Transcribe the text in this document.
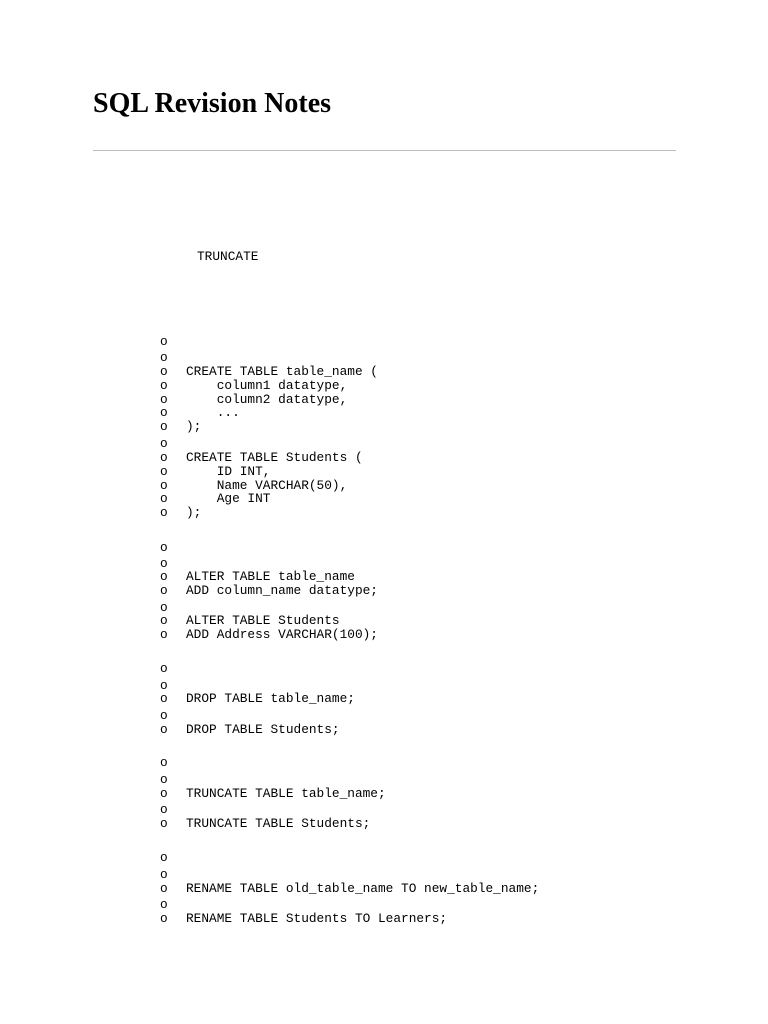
SQL Revision Notes
TRUNCATE
o
o
o CREATE TABLE table_name (
o column1 datatype,
o column2 datatype,
o ...
o );
o
o CREATE TABLE Students (
o ID INT,
o Name VARCHAR(50),
o Age INT
o );
o
o
o ALTER TABLE table_name
o ADD column_name datatype;
o
o ALTER TABLE Students
o ADD Address VARCHAR(100);
o
o
o DROP TABLE table_name;
o
o DROP TABLE Students;
o
o
o TRUNCATE TABLE table_name;
o
o TRUNCATE TABLE Students;
o
o
o RENAME TABLE old_table_name TO new_table_name;
o
o RENAME TABLE Students TO Learners;
